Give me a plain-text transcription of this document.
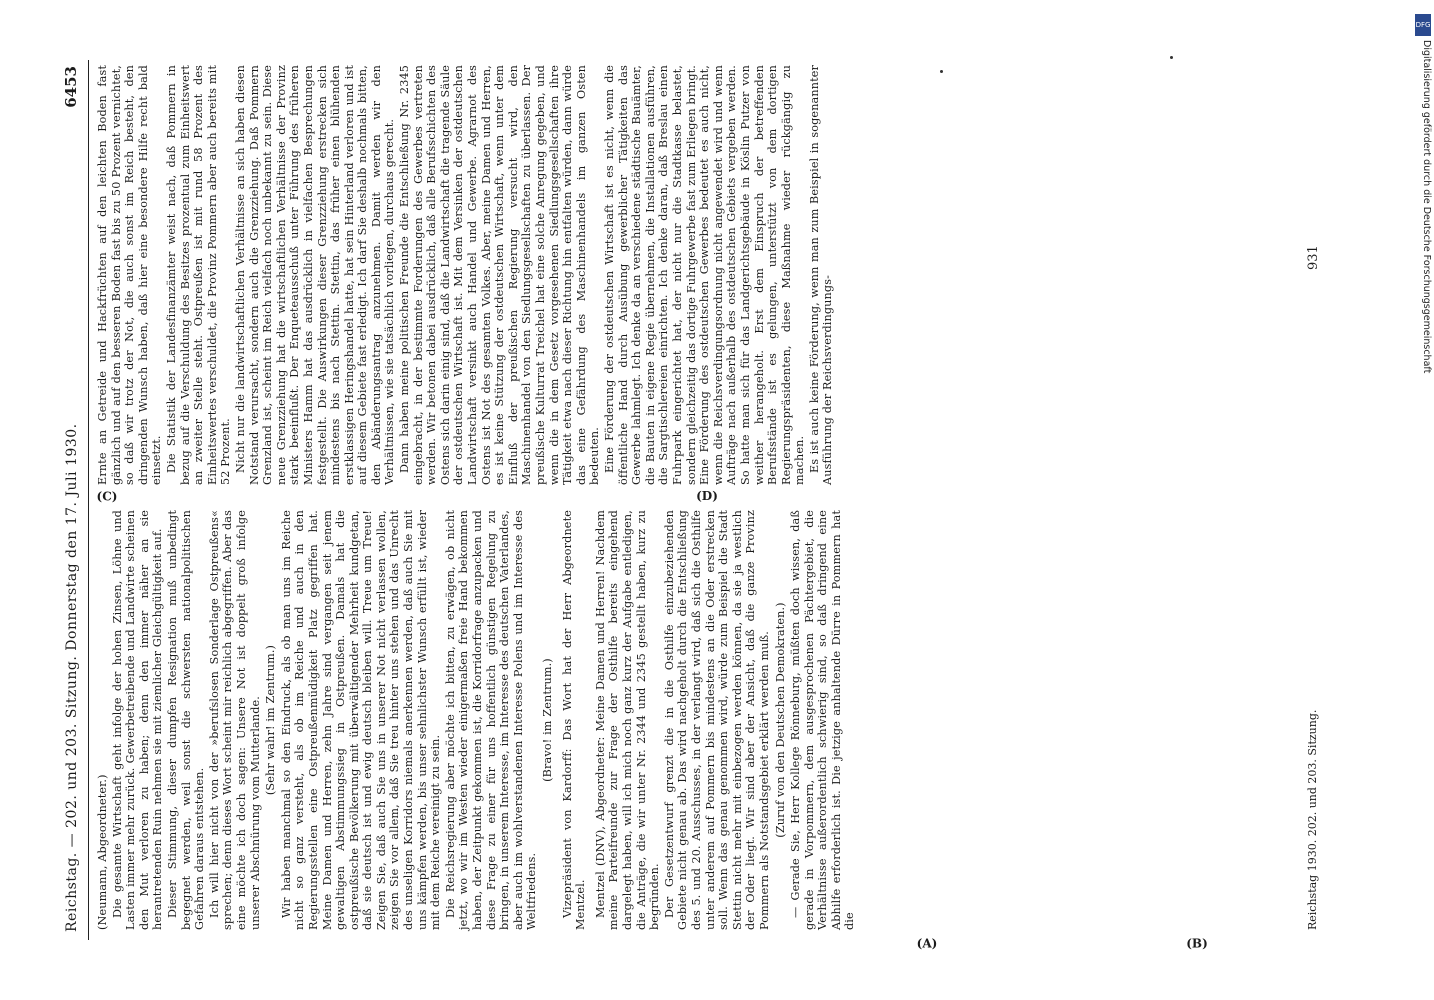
Reichstag. — 202. und 203. Sitzung. Donnerstag den 17. Juli 1930.
6453

(Neumann, Abgeordneter.) Die gesamte Wirtschaft geht infolge der hohen Zinsen, Löhne und Lasten immer mehr zurück. Gewerbetreibende und Landwirte scheinen den Mut verloren zu haben; denn den immer näher an sie herantretenden Ruin nehmen sie mit ziemlicher Gleichgültigkeit auf. Dieser Stimmung, dieser dumpfen Resignation muß unbedingt begegnet werden, weil sonst die schwersten nationalpolitischen Gefahren daraus entstehen. Ich will hier nicht von der »berufslosen Sonderlage Ostpreußens« sprechen; denn dieses Wort scheint mir reichlich abgegriffen. Aber das eine möchte ich doch sagen: Unsere Not ist doppelt groß infolge unserer Abschnürung vom Mutterlande. (Sehr wahr! im Zentrum.) Wir haben manchmal so den Eindruck, als ob man uns im Reiche nicht so ganz versteht, als ob im Reiche und auch in den Regierungsstellen eine Ostpreußenmüdigkeit Platz gegriffen hat. Meine Damen und Herren, zehn Jahre sind vergangen seit jenem gewaltigen Abstimmungssieg in Ostpreußen. Damals hat die ostpreußische Bevölkerung mit überwältigender Mehrheit kundgetan, daß sie deutsch ist und ewig deutsch bleiben will. Treue um Treue! Zeigen Sie, daß auch Sie uns in unserer Not nicht verlassen wollen, zeigen Sie vor allem, daß Sie treu hinter uns stehen und das Unrecht des unseligen Korridors niemals anerkennen werden, daß auch Sie mit uns kämpfen werden, bis unser sehnlichster Wunsch erfüllt ist, wieder mit dem Reiche vereinigt zu sein. Die Reichsregierung aber möchte ich bitten, zu erwägen, ob nicht jetzt, wo wir im Westen wieder einigermaßen freie Hand bekommen haben, der Zeitpunkt gekommen ist, die Korridorfrage anzupacken und diese Frage zu einer für uns hoffentlich günstigen Regelung zu bringen, in unserem Interesse, im Interesse des deutschen Vaterlandes, aber auch im wohlverstandenen Interesse Polens und im Interesse des Weltfriedens.

(Bravo! im Zentrum.) Vizepräsident von Kardorff: Das Wort hat der Herr Abgeordnete Mentzel. Mentzel (DNV), Abgeordneter: Meine Damen und Herren! Nachdem meine Parteifreunde zur Frage der Osthilfe bereits eingehend dargelegt haben, will ich mich noch ganz kurz der Aufgabe entledigen, die Anträge, die wir unter Nr. 2344 und 2345 gestellt haben, kurz zu begründen. Der Gesetzentwurf grenzt die in die Osthilfe einzubeziehenden Gebiete nicht genau ab. Das wird nachgeholt durch die Entschließung des 5. und 20. Ausschusses, in der verlangt wird, daß sich die Osthilfe unter anderem auf Pommern bis mindestens an die Oder erstrecken soll. Wenn das genau genommen wird, würde zum Beispiel die Stadt Stettin nicht mehr mit einbezogen werden können, da sie ja westlich der Oder liegt. Wir sind aber der Ansicht, daß die ganze Provinz Pommern als Notstandsgebiet erklärt werden muß. (Zuruf von den Deutschen Demokraten.) — Gerade Sie, Herr Kollege Rönneburg, müßten doch wissen, daß gerade in Vorpommern, dem ausgesprochenen Pächtergebiet, die Verhältnisse außerordentlich schwierig sind, so daß dringend eine Abhilfe erforderlich ist. Die jetzige anhaltende Dürre in Pommern hat die

Ernte an Getreide und Hackfrüchten auf den leichten Boden fast gänzlich und auf den besseren Boden fast bis zu 50 Prozent vernichtet, so daß wir trotz der Not, die auch sonst im Reich besteht, den dringenden Wunsch haben, daß hier eine besondere Hilfe recht bald einsetzt. Die Statistik der Landesfinanzämter weist nach, daß Pommern in bezug auf die Verschuldung des Besitzes prozentual zum Einheitswert an zweiter Stelle steht. Ostpreußen ist mit rund 58 Prozent des Einheitswertes verschuldet, die Provinz Pommern aber auch bereits mit 52 Prozent. Nicht nur die landwirtschaftlichen Verhältnisse an sich haben diesen Notstand verursacht, sondern auch die Grenzziehung. Daß Pommern Grenzland ist, scheint im Reich vielfach noch unbekannt zu sein. Diese neue Grenzziehung hat die wirtschaftlichen Verhältnisse der Provinz stark beeinflußt. Der Enqueteausschuß unter Führung des früheren Ministers Hamm hat das ausdrücklich in vielfachen Besprechungen festgestellt. Die Auswirkungen dieser Grenzziehung erstrecken sich mindestens bis nach Stettin. Stettin, das früher einen blühenden erstklassigen Heringshandel hatte, hat sein Hinterland verloren und ist auf diesem Gebiete fast erledigt. Ich darf Sie deshalb nochmals bitten, den Abänderungsantrag anzunehmen. Damit werden wir den Verhältnissen, wie sie tatsächlich vorliegen, durchaus gerecht. Dann haben meine politischen Freunde die Entschließung Nr. 2345 eingebracht, in der bestimmte Forderungen des Gewerbes vertreten werden. Wir betonen dabei ausdrücklich, daß alle Berufsschichten des Ostens sich darin einig sind, daß die Landwirtschaft die tragende Säule der ostdeutschen Wirtschaft ist. Mit dem Versinken der ostdeutschen Landwirtschaft versinkt auch Handel und Gewerbe. Agrarnot des Ostens ist Not des gesamten Volkes. Aber, meine Damen und Herren, es ist keine Stützung der ostdeutschen Wirtschaft, wenn unter dem Einfluß der preußischen Regierung versucht wird, den Maschinenhandel von den Siedlungsgesellschaften zu überlassen. Der preußische Kulturrat Treichel hat eine solche Anregung gegeben, und wenn die in dem Gesetz vorgesehenen Siedlungsgesellschaften ihre Tätigkeit etwa nach dieser Richtung hin entfalten würden, dann würde das eine Gefährdung des Maschinenhandels im ganzen Osten bedeuten. Eine Förderung der ostdeutschen Wirtschaft ist es nicht, wenn die öffentliche Hand durch Ausübung gewerblicher Tätigkeiten das Gewerbe lahmlegt. Ich denke da an verschiedene städtische Bauämter, die Bauten in eigene Regie übernehmen, die Installationen ausführen, die Sargtischlereien einrichten. Ich denke daran, daß Breslau einen Fuhrpark eingerichtet hat, der nicht nur die Stadtkasse belastet, sondern gleichzeitig das dortige Fuhrgewerbe fast zum Erliegen bringt. Eine Förderung des ostdeutschen Gewerbes bedeutet es auch nicht, wenn die Reichsverdingungsordnung nicht angewendet wird und wenn Aufträge nach außerhalb des ostdeutschen Gebiets vergeben werden. So hatte man sich für das Landgerichtsgebäude in Köslin Putzer von weither herangeholt. Erst dem Einspruch der betreffenden Berufsstände ist es gelungen, unterstützt von dem dortigen Regierungspräsidenten, diese Maßnahme wieder rückgängig zu machen. Es ist auch keine Förderung, wenn man zum Beispiel in sogenannter Ausführung der Reichsverdingungs-

(C)	(D)
(A)	(B)
Reichstag 1930. 202. und 203. Sitzung.
931
DFG
Digitalisierung gefördert durch die Deutsche Forschungsgemeinschaft
